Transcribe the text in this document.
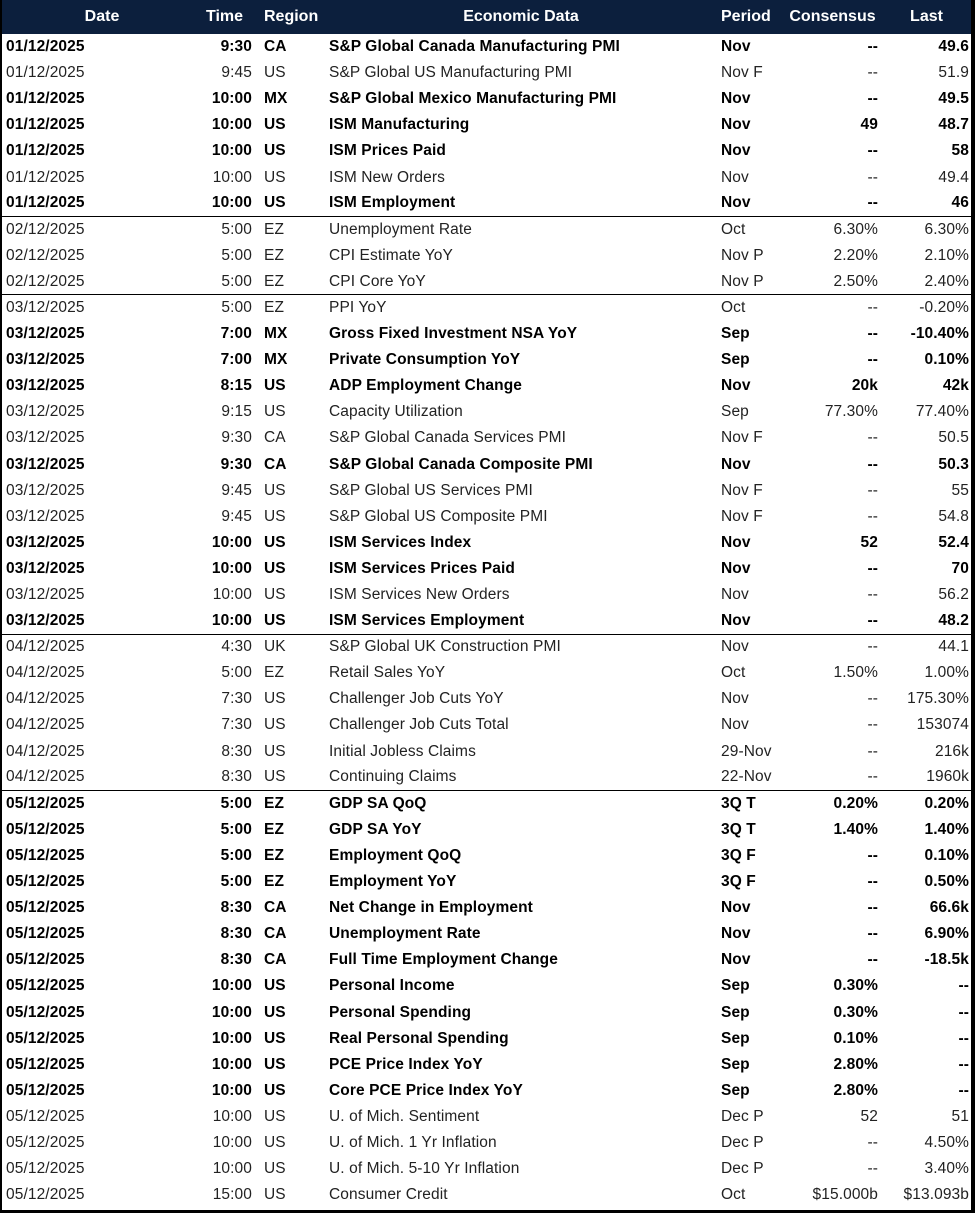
Date	Time	Region	Economic Data	Period	Consensus	Last
01/12/2025	9:30	CA	S&P Global Canada Manufacturing PMI	Nov	--	49.6
01/12/2025	9:45	US	S&P Global US Manufacturing PMI	Nov F	--	51.9
01/12/2025	10:00	MX	S&P Global Mexico Manufacturing PMI	Nov	--	49.5
01/12/2025	10:00	US	ISM Manufacturing	Nov	49	48.7
01/12/2025	10:00	US	ISM Prices Paid	Nov	--	58
01/12/2025	10:00	US	ISM New Orders	Nov	--	49.4
01/12/2025	10:00	US	ISM Employment	Nov	--	46
02/12/2025	5:00	EZ	Unemployment Rate	Oct	6.30%	6.30%
02/12/2025	5:00	EZ	CPI Estimate YoY	Nov P	2.20%	2.10%
02/12/2025	5:00	EZ	CPI Core YoY	Nov P	2.50%	2.40%
03/12/2025	5:00	EZ	PPI YoY	Oct	--	-0.20%
03/12/2025	7:00	MX	Gross Fixed Investment NSA YoY	Sep	--	-10.40%
03/12/2025	7:00	MX	Private Consumption YoY	Sep	--	0.10%
03/12/2025	8:15	US	ADP Employment Change	Nov	20k	42k
03/12/2025	9:15	US	Capacity Utilization	Sep	77.30%	77.40%
03/12/2025	9:30	CA	S&P Global Canada Services PMI	Nov F	--	50.5
03/12/2025	9:30	CA	S&P Global Canada Composite PMI	Nov	--	50.3
03/12/2025	9:45	US	S&P Global US Services PMI	Nov F	--	55
03/12/2025	9:45	US	S&P Global US Composite PMI	Nov F	--	54.8
03/12/2025	10:00	US	ISM Services Index	Nov	52	52.4
03/12/2025	10:00	US	ISM Services Prices Paid	Nov	--	70
03/12/2025	10:00	US	ISM Services New Orders	Nov	--	56.2
03/12/2025	10:00	US	ISM Services Employment	Nov	--	48.2
04/12/2025	4:30	UK	S&P Global UK Construction PMI	Nov	--	44.1
04/12/2025	5:00	EZ	Retail Sales YoY	Oct	1.50%	1.00%
04/12/2025	7:30	US	Challenger Job Cuts YoY	Nov	--	175.30%
04/12/2025	7:30	US	Challenger Job Cuts Total	Nov	--	153074
04/12/2025	8:30	US	Initial Jobless Claims	29-Nov	--	216k
04/12/2025	8:30	US	Continuing Claims	22-Nov	--	1960k
05/12/2025	5:00	EZ	GDP SA QoQ	3Q T	0.20%	0.20%
05/12/2025	5:00	EZ	GDP SA YoY	3Q T	1.40%	1.40%
05/12/2025	5:00	EZ	Employment QoQ	3Q F	--	0.10%
05/12/2025	5:00	EZ	Employment YoY	3Q F	--	0.50%
05/12/2025	8:30	CA	Net Change in Employment	Nov	--	66.6k
05/12/2025	8:30	CA	Unemployment Rate	Nov	--	6.90%
05/12/2025	8:30	CA	Full Time Employment Change	Nov	--	-18.5k
05/12/2025	10:00	US	Personal Income	Sep	0.30%	--
05/12/2025	10:00	US	Personal Spending	Sep	0.30%	--
05/12/2025	10:00	US	Real Personal Spending	Sep	0.10%	--
05/12/2025	10:00	US	PCE Price Index YoY	Sep	2.80%	--
05/12/2025	10:00	US	Core PCE Price Index YoY	Sep	2.80%	--
05/12/2025	10:00	US	U. of Mich. Sentiment	Dec P	52	51
05/12/2025	10:00	US	U. of Mich. 1 Yr Inflation	Dec P	--	4.50%
05/12/2025	10:00	US	U. of Mich. 5-10 Yr Inflation	Dec P	--	3.40%
05/12/2025	15:00	US	Consumer Credit	Oct	$15.000b	$13.093b
